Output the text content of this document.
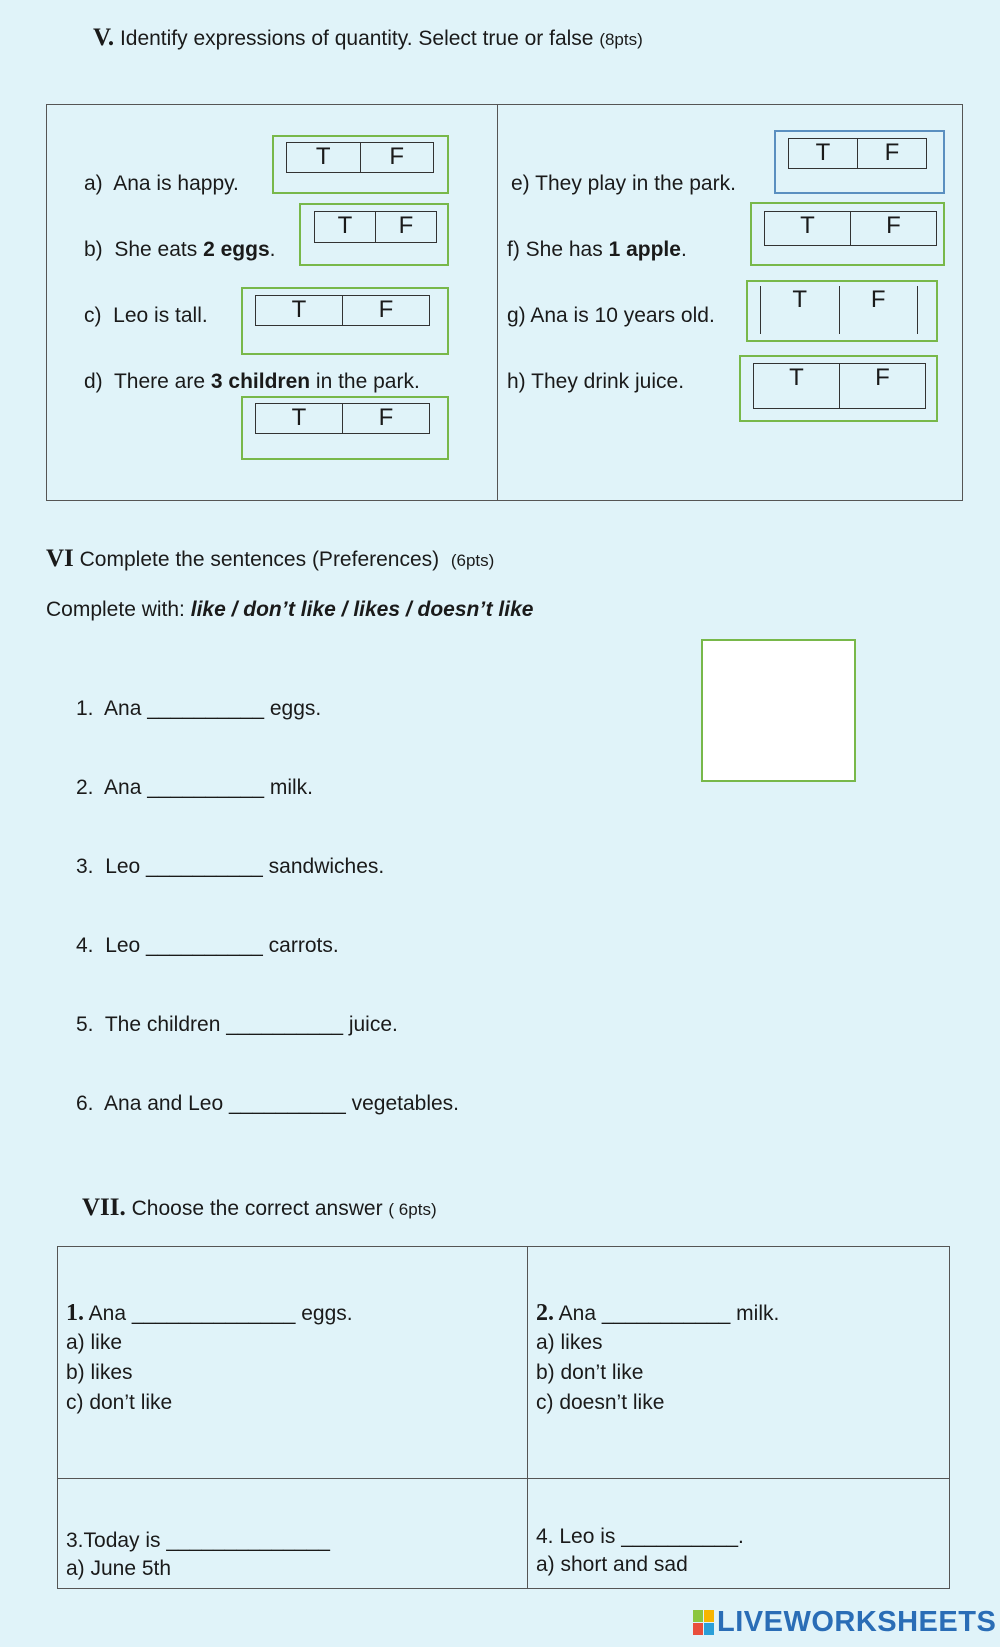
V. Identify expressions of quantity. Select true or false (8pts)
a) Ana is happy.
T	F
b) She eats 2 eggs.
T	F
c) Leo is tall.	T	F
d) There are 3 children in the park.
T	F
e) They play in the park.
T	F
f) She has 1 apple.
T	F
g) Ana is 10 years old.
T	F
h) They drink juice.	T	F
VI Complete the sentences (Preferences) (6pts)
Complete with: like / don’t like / likes / doesn’t like
1. Ana __________ eggs.
2. Ana __________ milk.
3. Leo __________ sandwiches.
4. Leo __________ carrots.
5. The children __________ juice.
6. Ana and Leo __________ vegetables.
VII. Choose the correct answer ( 6pts)
1. Ana ______________ eggs.
a) like
b) likes
c) don’t like
2. Ana ___________ milk.
a) likes
b) don’t like
c) doesn’t like
3.Today is ______________
a) June 5th
4. Leo is __________.
a) short and sad
LIVEWORKSHEETS
